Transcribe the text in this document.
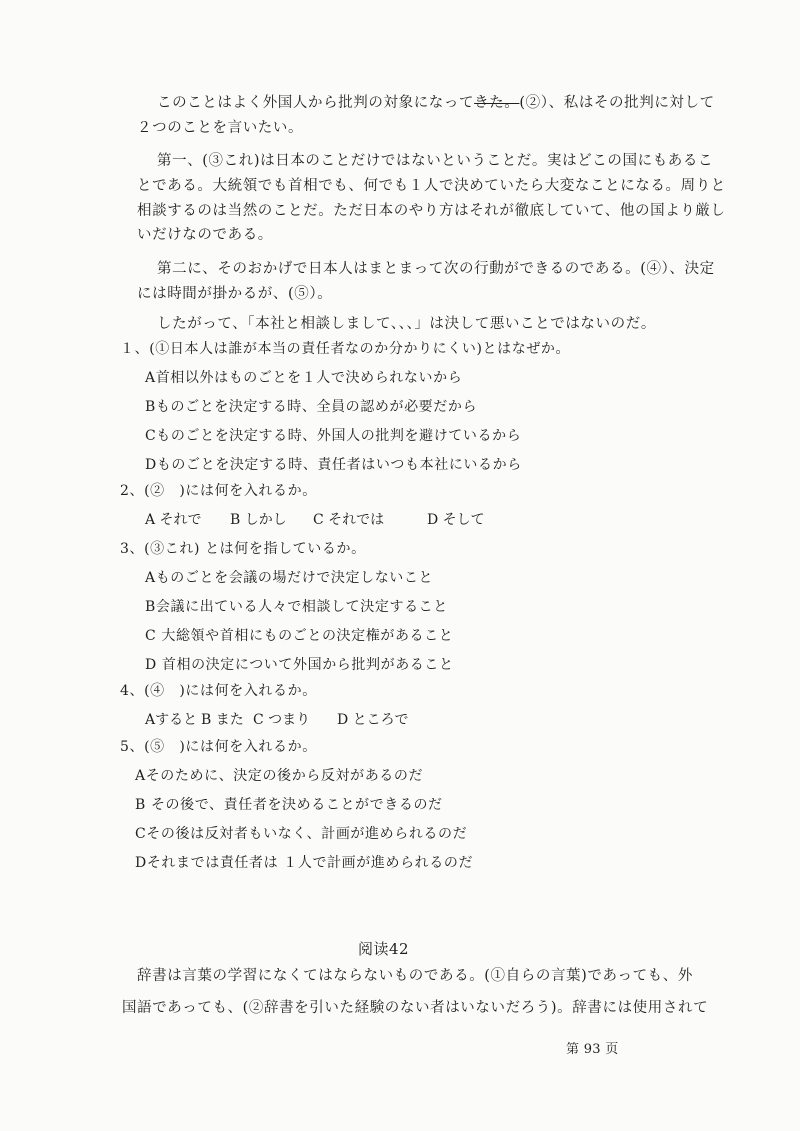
このことはよく外国人から批判の対象になってきた。(②）、私はその批判に対して
２つのことを言いたい。
第一、(③これ)は日本のことだけではないということだ。実はどこの国にもあるこ
とである。大統領でも首相でも、何でも１人で決めていたら大変なことになる。周りと
相談するのは当然のことだ。ただ日本のやり方はそれが徹底していて、他の国より厳し
いだけなのである。
第二に、そのおかげで日本人はまとまって次の行動ができるのである。(④）、決定
には時間が掛かるが、(⑤）。
したがって、「本社と相談しまして、、、」は決して悪いことではないのだ。
１、(①日本人は誰が本当の責任者なのか分かりにくい)とはなぜか。
A首相以外はものごとを１人で決められないから
Bものごとを決定する時、全員の認めが必要だから
Cものごとを決定する時、外国人の批判を避けているから
Dものごとを決定する時、責任者はいつも本社にいるから
2、(②　)には何を入れるか。
A それで B しかし C それでは	D そして
3、(③これ) とは何を指しているか。
Aものごとを会議の場だけで決定しないこと
B会議に出ている人々で相談して決定すること
C 大総領や首相にものごとの決定権があること
D 首相の決定について外国から批判があること
4、(④　)には何を入れるか。
Aすると B また C つまり D ところで
5、(⑤　)には何を入れるか。
Aそのために、決定の後から反対があるのだ
B その後で、責任者を決めることができるのだ
Cその後は反対者もいなく、計画が進められるのだ
Dそれまでは責任者は １人で計画が進められるのだ
阅读42
辞書は言葉の学習になくてはならないものである。(①自らの言葉)であっても、外
国語であっても、(②辞書を引いた経験のない者はいないだろう)。辞書には使用されて
第 93 页
